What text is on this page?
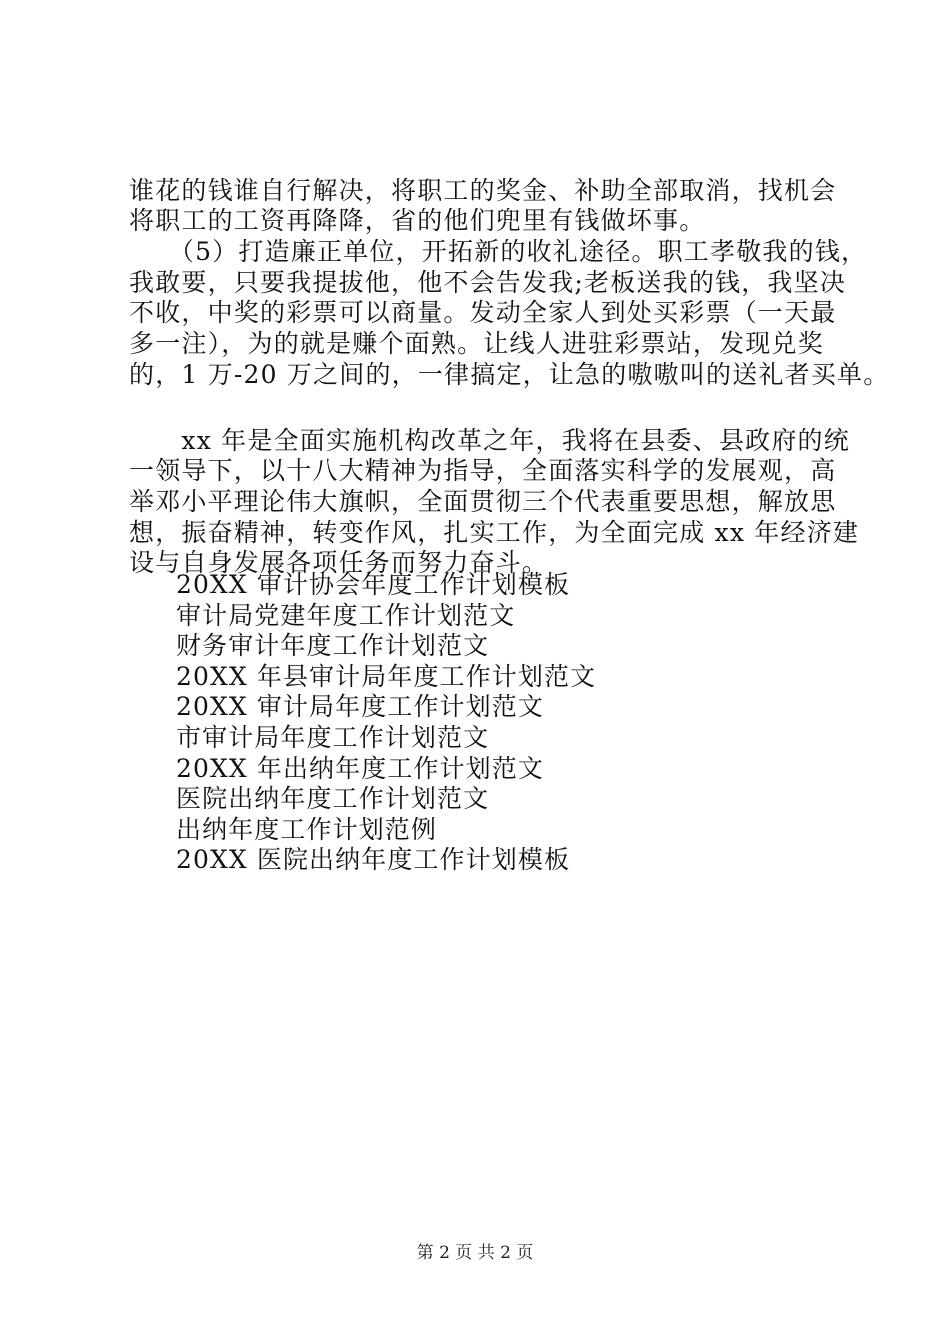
谁花的钱谁自行解决，将职工的奖金、补助全部取消，找机会
将职工的工资再降降，省的他们兜里有钱做坏事。
　　（5）打造廉正单位，开拓新的收礼途径。职工孝敬我的钱，
我敢要，只要我提拔他，他不会告发我;老板送我的钱，我坚决
不收，中奖的彩票可以商量。发动全家人到处买彩票（一天最
多一注），为的就是赚个面熟。让线人进驻彩票站，发现兑奖
的，1 万-20 万之间的，一律搞定，让急的嗷嗷叫的送礼者买单。
　　xx 年是全面实施机构改革之年，我将在县委、县政府的统
一领导下，以十八大精神为指导，全面落实科学的发展观，高
举邓小平理论伟大旗帜，全面贯彻三个代表重要思想，解放思
想，振奋精神，转变作风，扎实工作，为全面完成 xx 年经济建
设与自身发展各项任务而努力奋斗。
20XX 审计协会年度工作计划模板
审计局党建年度工作计划范文
财务审计年度工作计划范文
20XX 年县审计局年度工作计划范文
20XX 审计局年度工作计划范文
市审计局年度工作计划范文
20XX 年出纳年度工作计划范文
医院出纳年度工作计划范文
出纳年度工作计划范例
20XX 医院出纳年度工作计划模板
第 2 页 共 2 页
